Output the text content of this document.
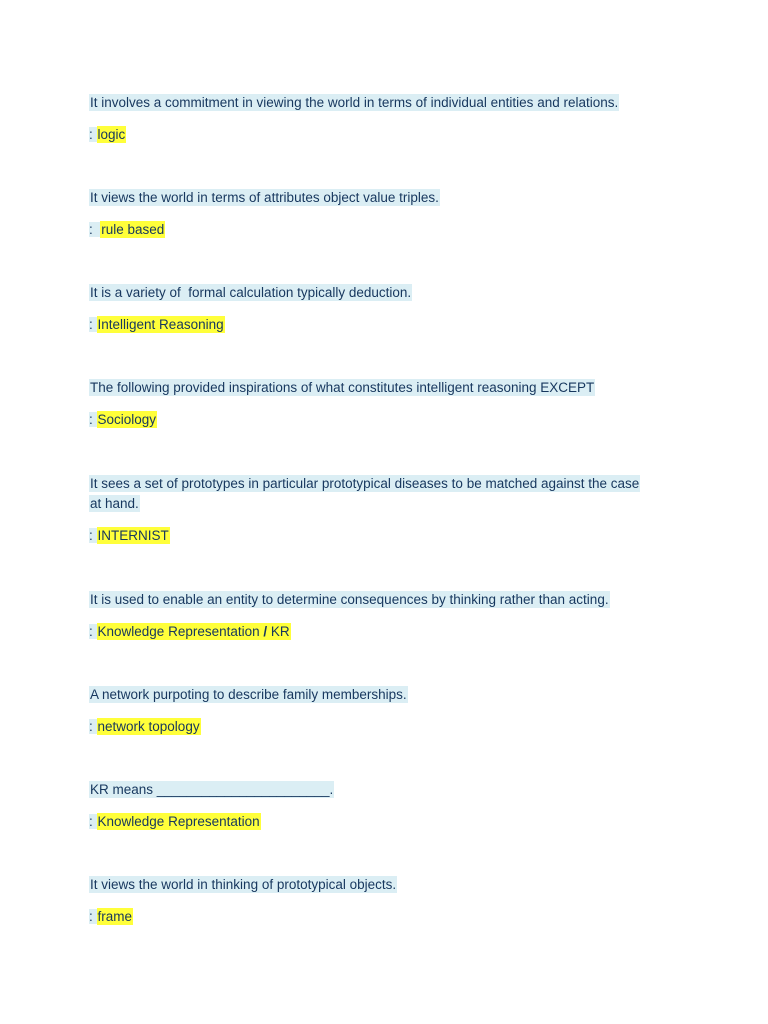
It involves a commitment in viewing the world in terms of individual entities and relations.

: logic

It views the world in terms of attributes object value triples.

:  rule based

It is a variety of  formal calculation typically deduction.

: Intelligent Reasoning

The following provided inspirations of what constitutes intelligent reasoning EXCEPT

: Sociology

It sees a set of prototypes in particular prototypical diseases to be matched against the case

at hand.

: INTERNIST

It is used to enable an entity to determine consequences by thinking rather than acting.

: Knowledge Representation / KR

A network purpoting to describe family memberships.

: network topology

KR means _______________________.

: Knowledge Representation

It views the world in thinking of prototypical objects.

: frame
